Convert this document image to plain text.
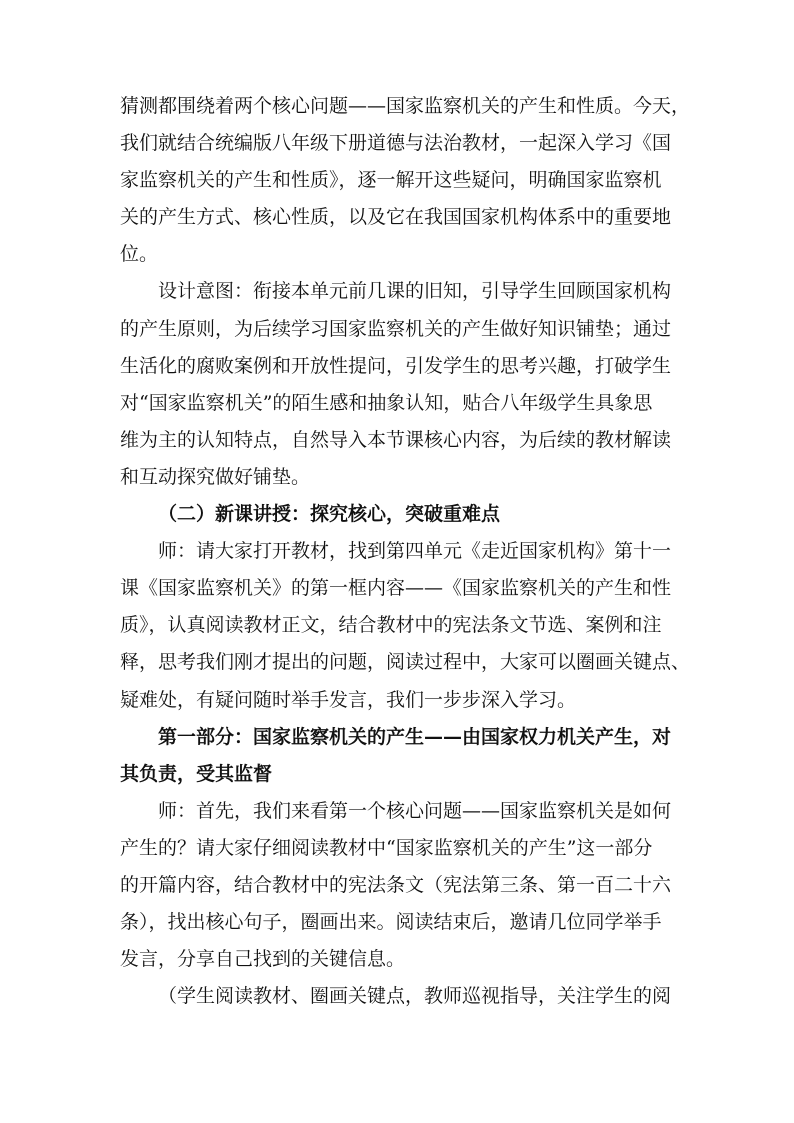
猜测都围绕着两个核心问题——国家监察机关的产生和性质。今天，
我们就结合统编版八年级下册道德与法治教材，一起深入学习《国
家监察机关的产生和性质》，逐一解开这些疑问，明确国家监察机
关的产生方式、核心性质，以及它在我国国家机构体系中的重要地
位。
设计意图：衔接本单元前几课的旧知，引导学生回顾国家机构
的产生原则，为后续学习国家监察机关的产生做好知识铺垫；通过
生活化的腐败案例和开放性提问，引发学生的思考兴趣，打破学生
对“国家监察机关”的陌生感和抽象认知，贴合八年级学生具象思
维为主的认知特点，自然导入本节课核心内容，为后续的教材解读
和互动探究做好铺垫。
（二）新课讲授：探究核心，突破重难点
师：请大家打开教材，找到第四单元《走近国家机构》第十一
课《国家监察机关》的第一框内容——《国家监察机关的产生和性
质》，认真阅读教材正文，结合教材中的宪法条文节选、案例和注
释，思考我们刚才提出的问题，阅读过程中，大家可以圈画关键点、
疑难处，有疑问随时举手发言，我们一步步深入学习。
第一部分：国家监察机关的产生——由国家权力机关产生，对
其负责，受其监督
师：首先，我们来看第一个核心问题——国家监察机关是如何
产生的？请大家仔细阅读教材中“国家监察机关的产生”这一部分
的开篇内容，结合教材中的宪法条文（宪法第三条、第一百二十六
条），找出核心句子，圈画出来。阅读结束后，邀请几位同学举手
发言，分享自己找到的关键信息。
（学生阅读教材、圈画关键点，教师巡视指导，关注学生的阅
